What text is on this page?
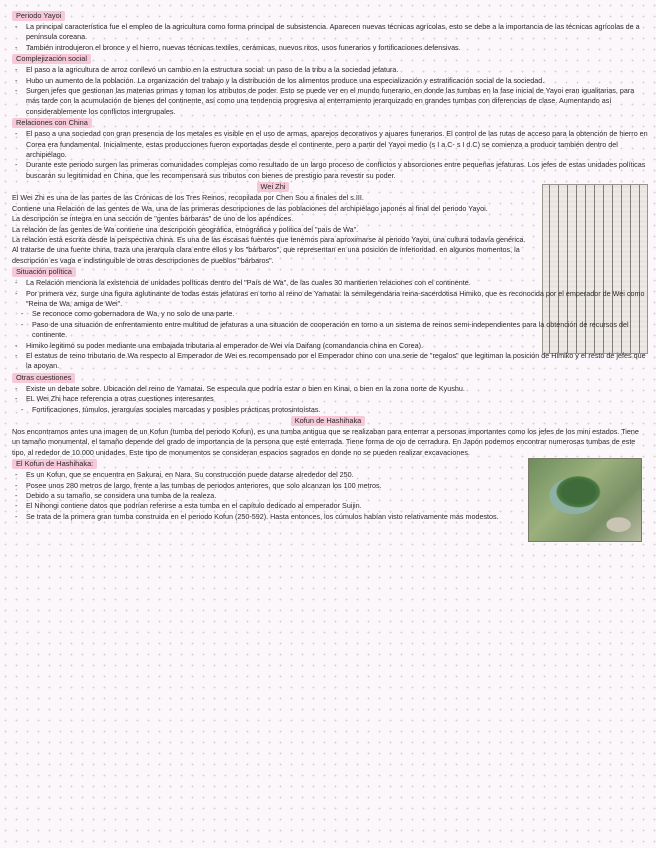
Periodo Yayoi
- La principal característica fue el empleo de la agricultura como forma principal de subsistencia. Aparecen nuevas técnicas agrícolas, esto se debe a la importancia de las técnicas agrícolas de a península coreana.
- También introdujeron el bronce y el hierro, nuevas técnicas textiles, cerámicas, nuevos ritos, usos funerarios y fortificaciones defensivas.
Complejización social
- El paso a la agricultura de arroz conllevó un cambio en la estructura social: un paso de la tribu a la sociedad jefatura.
- Hubo un aumento de la población. La organización del trabajo y la distribución de los alimentos produce una especialización y estratificación social de la sociedad.
- Surgen jefes que gestionan las materias primas y toman los atributos de poder. Esto se puede ver en el mundo funerario, en donde las tumbas en la fase inicial de Yayoi eran igualitarias, para más tarde con la acumulación de bienes del continente, así como una tendencia progresiva al enterramiento jerarquizado en grandes tumbas con diferencias de clase. Aumentando así considerablemente los conflictos intergrupales.
Relaciones con China
- El paso a una sociedad con gran presencia de los metales es visible en el uso de armas, aparejos decorativos y ajuares funerarios. El control de las rutas de acceso para la obtención de hierro en Corea era fundamental. Inicialmente, estas producciones fueron exportadas desde el continente, pero a partir del Yayoi medio (s I a.C- s I d.C) se comienza a producir también dentro del archipiélago.
- Durante este periodo surgen las primeras comunidades complejas como resultado de un largo proceso de conflictos y absorciones entre pequeñas jefaturas. Los jefes de estas unidades políticas buscarán su legitimidad en China, que les recompensará sus tributos con bienes de prestigio para revestir su poder.
Wei Zhi

El Wei Zhi es una de las partes de las Crónicas de los Tres Reinos, recopilada por Chen Sou a finales del s.III.

Contiene una Relación de las gentes de Wa, una de las primeras descripciones de las poblaciones del archipiélago japonés al final del periodo Yayoi.

La descripción se integra en una sección de "gentes bárbaras" de uno de los apéndices.

La relación de las gentes de Wa contiene una descripción geográfica, etnográfica y política del "país de Wa".

La relación está escrita desde la perspectiva china. Es una de las escasas fuentes que tenemos para aproximarse al periodo Yayoi, una cultura todavía genérica.

Al tratarse de una fuente china, traza una jerarquía clara entre ellos y los "bárbaros", que representan en una posición de inferioridad. en algunos momentos, la descripción es vaga e indistinguible de otras descripciones de pueblos "bárbaros".

Situación política
- La Relación menciona la existencia de unidades políticas dentro del "País de Wa", de las cuales 30 mantienen relaciones con el continente.
- Por primera vez, surge una figura aglutinante de todas estas jefaturas en torno al reino de Yamatai: la semilegendaria reina-sacerdotisa Himiko, que es reconocida por el emperador de Wei como "Reina de Wa, amiga de Wei".
- Se reconoce como gobernadora de Wa, y no solo de una parte.
- Paso de una situación de enfrentamiento entre multitud de jefaturas a una situación de cooperación en torno a un sistema de reinos semi-independientes para la obtención de recursos del continente.
- Himiko legitimó su poder mediante una embajada tributaria al emperador de Wei vía Daifang (comandancia china en Corea).
- El estatus de reino tributario de Wa respecto al Emperador de Wei es recompensado por el Emperador chino con una serie de "regalos" que legitiman la posición de Himiko y el resto de jefes que la apoyan.
Otras cuestiones
- Existe un debate sobre. Ubicación del reino de Yamatai. Se especula que podría estar o bien en Kinai, o bien en la zona norte de Kyushu.
- EL Wei Zhi hace referencia a otras cuestiones interesantes
- Fortificaciones, túmulos, jerarquías sociales marcadas y posibles prácticas protosintoístas.
Kofun de Hashihaka

Nos encontramos antes una imagen de un Kofun (tumba del periodo Kofun), es una tumba antigua que se realizaban para enterrar a personas importantes como los jefes de los mini estados. Tiene un tamaño monumental, el tamaño depende del grado de importancia de la persona que esté enterrada. Tiene forma de ojo de cerradura. En Japón podemos encontrar numerosas tumbas de este tipo, al rededor de 10.000 unidades. Este tipo de monumentos se consideran espacios sagrados en donde no se pueden realizar excavaciones.

El Kofun de Hashihaka:
- Es un Kofun, que se encuentra en Sakurai, en Nara. Su construcción puede datarse alrededor del 250.
- Posee unos 280 metros de largo, frente a las tumbas de periodos anteriores, que solo alcanzan los 100 metros.
- Debido a su tamaño, se considera una tumba de la realeza.
- El Nihongi contiene datos que podrían referirse a esta tumba en el capítulo dedicado al emperador Suijin.
- Se trata de la primera gran tumba construida en el periodo Kofun (250-592). Hasta entonces, los cúmulos habían visto relativamente más modestos.
